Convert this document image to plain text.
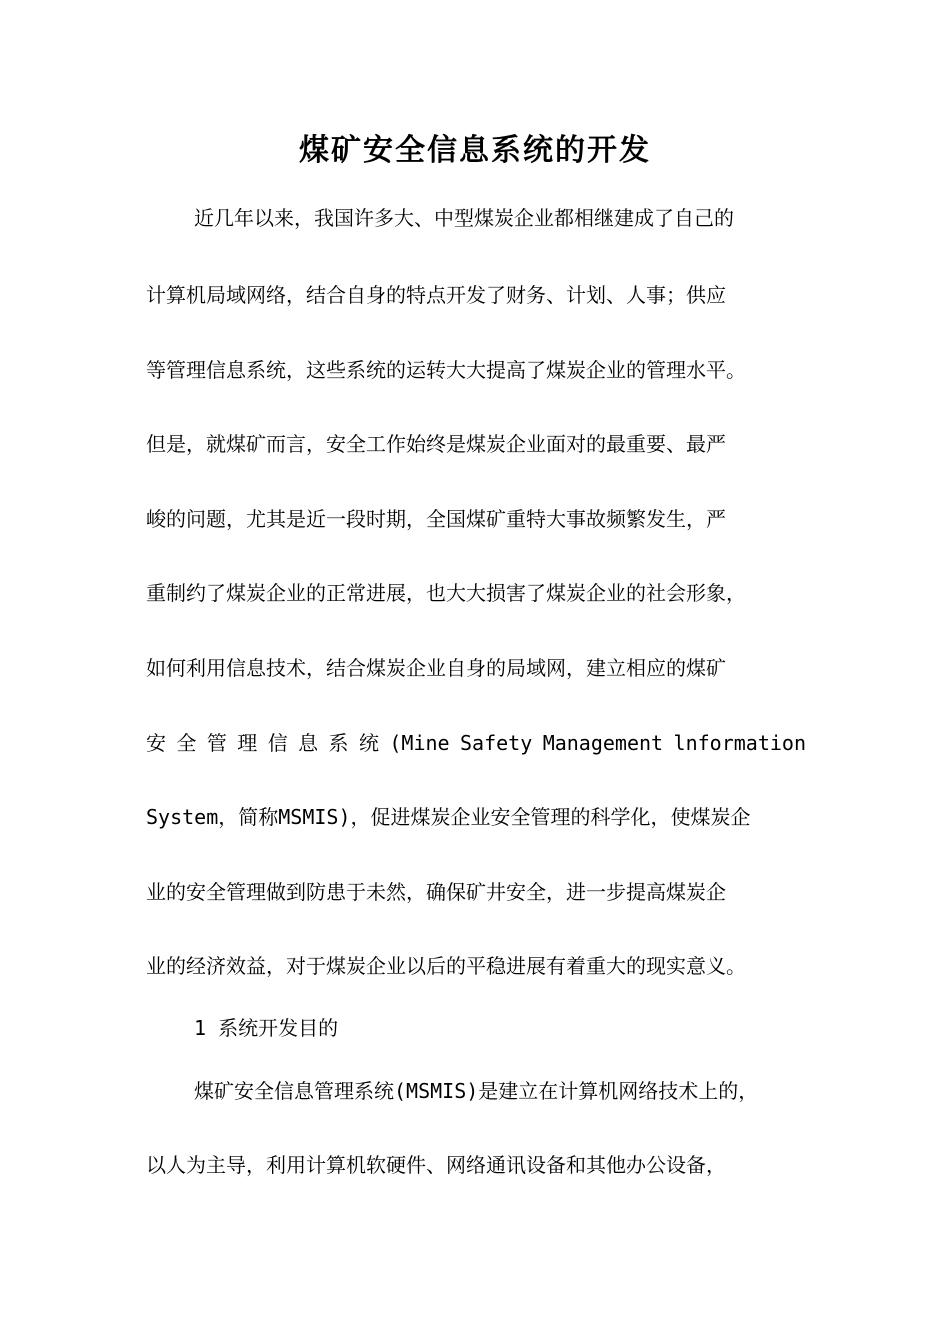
煤矿安全信息系统的开发
近几年以来，我国许多大、中型煤炭企业都相继建成了自己的
计算机局域网络，结合自身的特点开发了财务、计划、人事；供应
等管理信息系统，这些系统的运转大大提高了煤炭企业的管理水平。
但是，就煤矿而言，安全工作始终是煤炭企业面对的最重要、最严
峻的问题，尤其是近一段时期，全国煤矿重特大事故频繁发生，严
重制约了煤炭企业的正常进展，也大大损害了煤炭企业的社会形象，
如何利用信息技术，结合煤炭企业自身的局域网，建立相应的煤矿
安 全 管 理 信 息 系 统 (Mine Safety Management lnformation
System，简称MSMIS)，促进煤炭企业安全管理的科学化，使煤炭企
业的安全管理做到防患于未然，确保矿井安全，进一步提高煤炭企
业的经济效益，对于煤炭企业以后的平稳进展有着重大的现实意义。
1 系统开发目的
煤矿安全信息管理系统(MSMIS)是建立在计算机网络技术上的，
以人为主导，利用计算机软硬件、网络通讯设备和其他办公设备，
